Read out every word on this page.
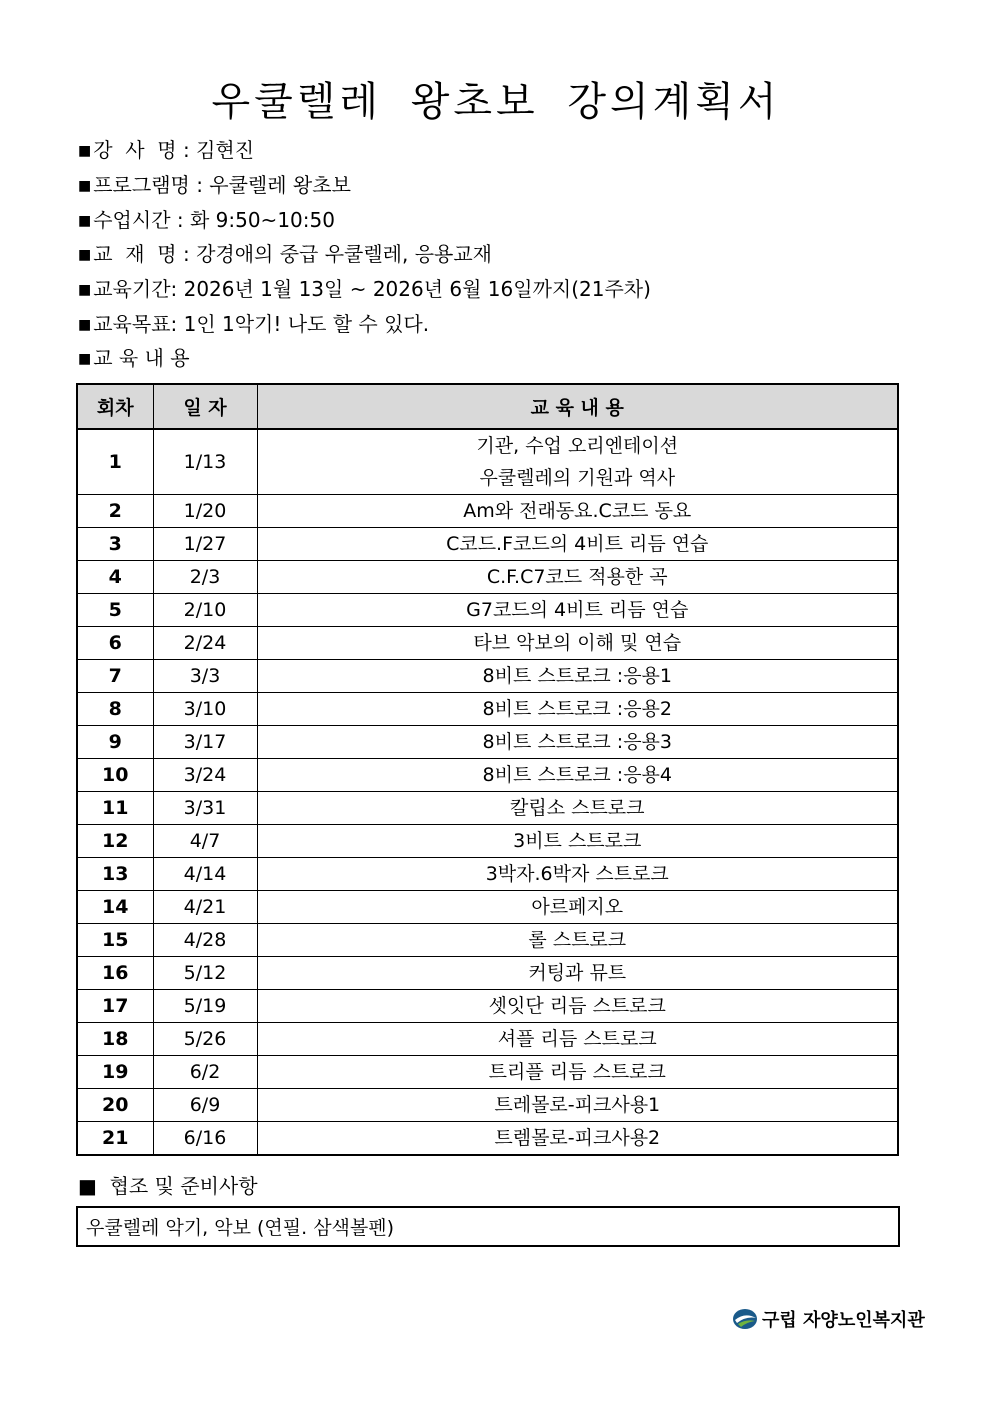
우쿨렐레 왕초보 강의계획서
■ 강  사  명 : 김현진
■ 프로그램명 : 우쿨렐레 왕초보
■ 수업시간 : 화 9:50~10:50
■ 교  재  명 : 강경애의 중급 우쿨렐레, 응용교재
■ 교육기간: 2026년 1월 13일 ~ 2026년 6월 16일까지(21주차)
■ 교육목표: 1인 1악기! 나도 할 수 있다.
■ 교 육 내 용
회차	일 자	교 육 내 용
1	1/13	기관, 수업 오리엔테이션
우쿨렐레의 기원과 역사

2	1/20	Am와 전래동요.C코드 동요
3	1/27	C코드.F코드의 4비트 리듬 연습
4	2/3	C.F.C7코드 적용한 곡
5	2/10	G7코드의 4비트 리듬 연습
6	2/24	타브 악보의 이해 및 연습
7	3/3	8비트 스트로크 :응용1
8	3/10	8비트 스트로크 :응용2
9	3/17	8비트 스트로크 :응용3
10	3/24	8비트 스트로크 :응용4
11	3/31	칼립소 스트로크
12	4/7	3비트 스트로크
13	4/14	3박자.6박자 스트로크
14	4/21	아르페지오
15	4/28	롤 스트로크
16	5/12	커팅과 뮤트
17	5/19	셋잇단 리듬 스트로크
18	5/26	셔플 리듬 스트로크
19	6/2	트리플 리듬 스트로크
20	6/9	트레몰로-피크사용1
21	6/16	트렘몰로-피크사용2
■  협조 및 준비사항
우쿨렐레 악기, 악보 (연필. 삼색볼펜)
구립 자양노인복지관
